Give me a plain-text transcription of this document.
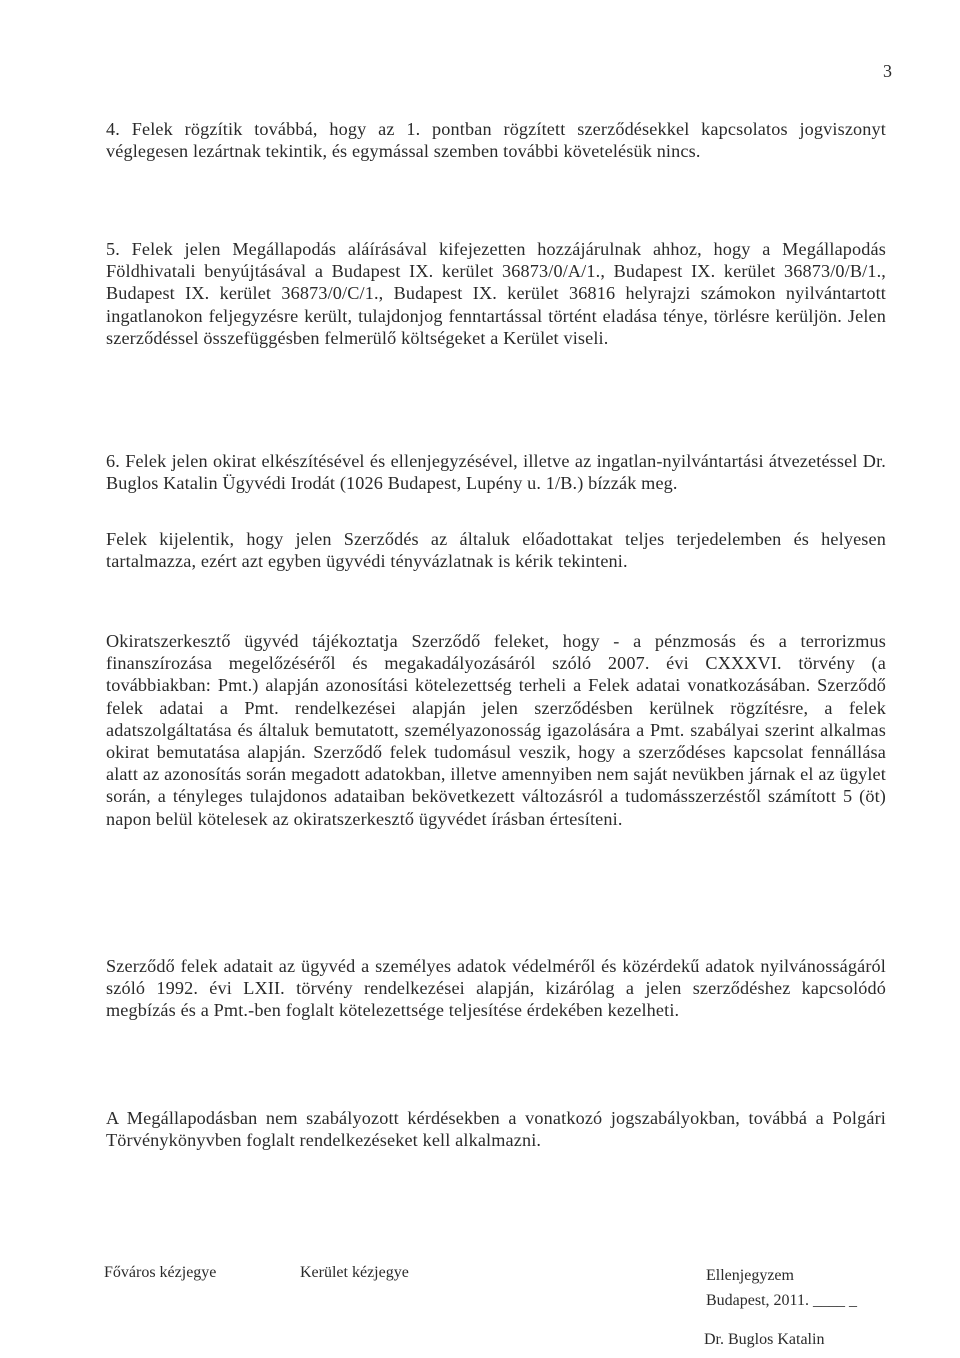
3

4. Felek rögzítik továbbá, hogy az 1. pontban rögzített szerződésekkel kapcsolatos jogviszonyt véglegesen lezártnak tekintik, és egymással szemben további követelésük nincs.

5. Felek jelen Megállapodás aláírásával kifejezetten hozzájárulnak ahhoz, hogy a Megállapodás Földhivatali benyújtásával a Budapest IX. kerület 36873/0/A/1., Budapest IX. kerület 36873/0/B/1., Budapest IX. kerület 36873/0/C/1., Budapest IX. kerület 36816 helyrajzi számokon nyilvántartott ingatlanokon feljegyzésre került, tulajdonjog fenntartással történt eladása ténye, törlésre kerüljön. Jelen szerződéssel összefüggésben felmerülő költségeket a Kerület viseli.

6. Felek jelen okirat elkészítésével és ellenjegyzésével, illetve az ingatlan-nyilvántartási átvezetéssel Dr. Buglos Katalin Ügyvédi Irodát (1026 Budapest, Lupény u. 1/B.) bízzák meg.

Felek kijelentik, hogy jelen Szerződés az általuk előadottakat teljes terjedelemben és helyesen tartalmazza, ezért azt egyben ügyvédi tényvázlatnak is kérik tekinteni.

Okiratszerkesztő ügyvéd tájékoztatja Szerződő feleket, hogy - a pénzmosás és a terrorizmus finanszírozása megelőzéséről és megakadályozásáról szóló 2007. évi CXXXVI. törvény (a továbbiakban: Pmt.) alapján azonosítási kötelezettség terheli a Felek adatai vonatkozásában. Szerződő felek adatai a Pmt. rendelkezései alapján jelen szerződésben kerülnek rögzítésre, a felek adatszolgáltatása és általuk bemutatott, személyazonosság igazolására a Pmt. szabályai szerint alkalmas okirat bemutatása alapján. Szerződő felek tudomásul veszik, hogy a szerződéses kapcsolat fennállása alatt az azonosítás során megadott adatokban, illetve amennyiben nem saját nevükben járnak el az ügylet során, a tényleges tulajdonos adataiban bekövetkezett változásról a tudomásszerzéstől számított 5 (öt) napon belül kötelesek az okiratszerkesztő ügyvédet írásban értesíteni.

Szerződő felek adatait az ügyvéd a személyes adatok védelméről és közérdekű adatok nyilvánosságáról szóló 1992. évi LXII. törvény rendelkezései alapján, kizárólag a jelen szerződéshez kapcsolódó megbízás és a Pmt.-ben foglalt kötelezettsége teljesítése érdekében kezelheti.

A Megállapodásban nem szabályozott kérdésekben a vonatkozó jogszabályokban, továbbá a Polgári Törvénykönyvben foglalt rendelkezéseket kell alkalmazni.

Főváros kézjegye	Kerület kézjegye	Ellenjegyzem
Budapest, 2011. ____ _
Dr. Buglos Katalin
